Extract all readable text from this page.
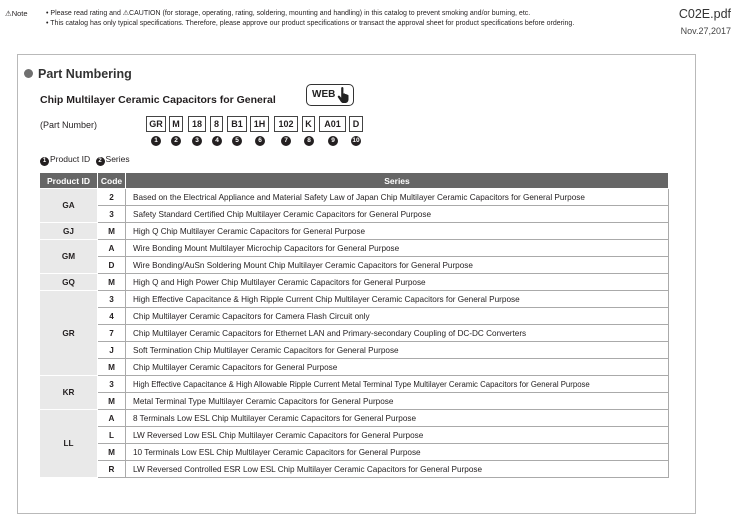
⚠Note	• Please read rating and ⚠CAUTION (for storage, operating, rating, soldering, mounting and handling) in this catalog to prevent smoking and/or burning, etc.
• This catalog has only typical specifications. Therefore, please approve our product specifications or transact the approval sheet for product specifications before ordering.
C02E.pdf
Nov.27,2017
Part Numbering
Chip Multilayer Ceramic Capacitors for General	WEB
(Part Number)	GR	M	18	8	B1	1H	102	K	A01	D
1	2	3	4	5	6	7	8	9	10
1 Product ID 2 Series
Product ID	Code	Series
GA	2	Based on the Electrical Appliance and Material Safety Law of Japan Chip Multilayer Ceramic Capacitors for General Purpose
	3	Safety Standard Certified Chip Multilayer Ceramic Capacitors for General Purpose
GJ	M	High Q Chip Multilayer Ceramic Capacitors for General Purpose
GM	A	Wire Bonding Mount Multilayer Microchip Capacitors for General Purpose
	D	Wire Bonding/AuSn Soldering Mount Chip Multilayer Ceramic Capacitors for General Purpose
GQ	M	High Q and High Power Chip Multilayer Ceramic Capacitors for General Purpose
GR	3	High Effective Capacitance & High Ripple Current Chip Multilayer Ceramic Capacitors for General Purpose
	4	Chip Multilayer Ceramic Capacitors for Camera Flash Circuit only
	7	Chip Multilayer Ceramic Capacitors for Ethernet LAN and Primary-secondary Coupling of DC-DC Converters
	J	Soft Termination Chip Multilayer Ceramic Capacitors for General Purpose
	M	Chip Multilayer Ceramic Capacitors for General Purpose
KR	3	High Effective Capacitance & High Allowable Ripple Current Metal Terminal Type Multilayer Ceramic Capacitors for General Purpose
	M	Metal Terminal Type Multilayer Ceramic Capacitors for General Purpose
LL	A	8 Terminals Low ESL Chip Multilayer Ceramic Capacitors for General Purpose
	L	LW Reversed Low ESL Chip Multilayer Ceramic Capacitors for General Purpose
	M	10 Terminals Low ESL Chip Multilayer Ceramic Capacitors for General Purpose
	R	LW Reversed Controlled ESR Low ESL Chip Multilayer Ceramic Capacitors for General Purpose
